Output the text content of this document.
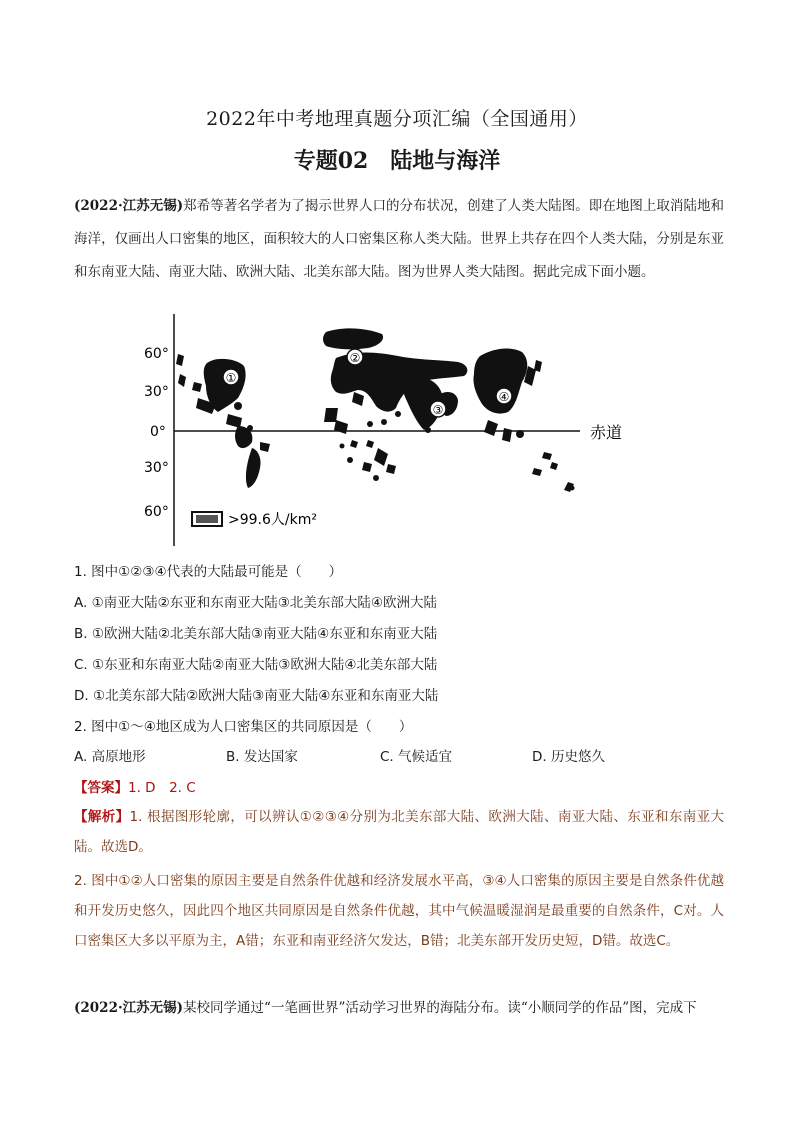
2022年中考地理真题分项汇编（全国通用）
专题02　陆地与海洋
(2022·江苏无锡)郑希等著名学者为了揭示世界人口的分布状况，创建了人类大陆图。即在地图上取消陆地和海洋，仅画出人口密集的地区，面积较大的人口密集区称人类大陆。世界上共存在四个人类大陆，分别是东亚和东南亚大陆、南亚大陆、欧洲大陆、北美东部大陆。图为世界人类大陆图。据此完成下面小题。
60°
30°
0°
30°
60°
赤道
①
②
③
④
>99.6人/km²
1. 图中①②③④代表的大陆最可能是（　　）
A. ①南亚大陆②东亚和东南亚大陆③北美东部大陆④欧洲大陆
B. ①欧洲大陆②北美东部大陆③南亚大陆④东亚和东南亚大陆
C. ①东亚和东南亚大陆②南亚大陆③欧洲大陆④北美东部大陆
D. ①北美东部大陆②欧洲大陆③南亚大陆④东亚和东南亚大陆
2. 图中①～④地区成为人口密集区的共同原因是（　　）
A. 高原地形	B. 发达国家	C. 气候适宜	D. 历史悠久
【答案】1. D　2. C
【解析】1. 根据图形轮廓，可以辨认①②③④分别为北美东部大陆、欧洲大陆、南亚大陆、东亚和东南亚大陆。故选D。
2. 图中①②人口密集的原因主要是自然条件优越和经济发展水平高，③④人口密集的原因主要是自然条件优越和开发历史悠久，因此四个地区共同原因是自然条件优越，其中气候温暖湿润是最重要的自然条件，C对。人口密集区大多以平原为主，A错；东亚和南亚经济欠发达，B错；北美东部开发历史短，D错。故选C。
(2022·江苏无锡)某校同学通过“一笔画世界”活动学习世界的海陆分布。读“小顺同学的作品”图，完成下
